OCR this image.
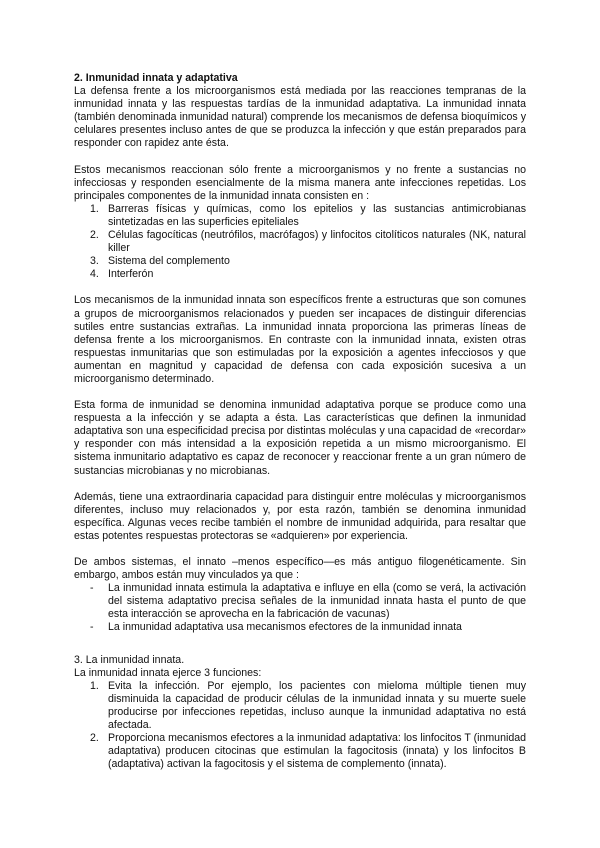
2. Inmunidad innata y adaptativa

La defensa frente a los microorganismos está mediada por las reacciones tempranas de la inmunidad innata y las respuestas tardías de la inmunidad adaptativa. La inmunidad innata (también denominada inmunidad natural) comprende los mecanismos de defensa bioquímicos y celulares presentes incluso antes de que se produzca la infección y que están preparados para responder con rapidez ante ésta.

Estos mecanismos reaccionan sólo frente a microorganismos y no frente a sustancias no infecciosas y responden esencialmente de la misma manera ante infecciones repetidas. Los principales componentes de la inmunidad innata consisten en :

1. Barreras físicas y químicas, como los epitelios y las sustancias antimicrobianas sintetizadas en las superficies epiteliales
2. Células fagocíticas (neutrófilos, macrófagos) y linfocitos citolíticos naturales (NK, natural killer
3. Sistema del complemento
4. Interferón

Los mecanismos de la inmunidad innata son específicos frente a estructuras que son comunes a grupos de microorganismos relacionados y pueden ser incapaces de distinguir diferencias sutiles entre sustancias extrañas. La inmunidad innata proporciona las primeras líneas de defensa frente a los microorganismos. En contraste con la inmunidad innata, existen otras respuestas inmunitarias que son estimuladas por la exposición a agentes infecciosos y que aumentan en magnitud y capacidad de defensa con cada exposición sucesiva a un microorganismo determinado.

Esta forma de inmunidad se denomina inmunidad adaptativa porque se produce como una respuesta a la infección y se adapta a ésta. Las características que definen la inmunidad adaptativa son una especificidad precisa por distintas moléculas y una capacidad de «recordar» y responder con más intensidad a la exposición repetida a un mismo microorganismo. El sistema inmunitario adaptativo es capaz de reconocer y reaccionar frente a un gran número de sustancias microbianas y no microbianas.

Además, tiene una extraordinaria capacidad para distinguir entre moléculas y microorganismos diferentes, incluso muy relacionados y, por esta razón, también se denomina inmunidad específica. Algunas veces recibe también el nombre de inmunidad adquirida, para resaltar que estas potentes respuestas protectoras se «adquieren» por experiencia.

De ambos sistemas, el innato –menos específico—es más antiguo filogenéticamente. Sin embargo, ambos están muy vinculados ya que :

- La inmunidad innata estimula la adaptativa e influye en ella (como se verá, la activación del sistema adaptativo precisa señales de la inmunidad innata hasta el punto de que esta interacción se aprovecha en la fabricación de vacunas)
- La inmunidad adaptativa usa mecanismos efectores de la inmunidad innata

3. La inmunidad innata.

La inmunidad innata ejerce 3 funciones:

1. Evita la infección. Por ejemplo, los pacientes con mieloma múltiple tienen muy disminuida la capacidad de producir células de la inmunidad innata y su muerte suele producirse por infecciones repetidas, incluso aunque la inmunidad adaptativa no está afectada.
2. Proporciona mecanismos efectores a la inmunidad adaptativa: los linfocitos T (inmunidad adaptativa) producen citocinas que estimulan la fagocitosis (innata) y los linfocitos B (adaptativa) activan la fagocitosis y el sistema de complemento (innata).
